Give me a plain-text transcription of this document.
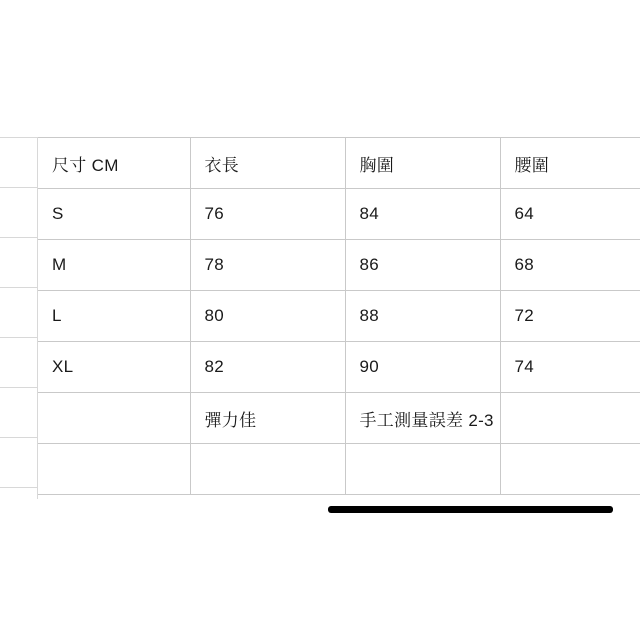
尺寸 CM	衣長	胸圍	腰圍
S	76	84	64
M	78	86	68
L	80	88	72
XL	82	90	74
	彈力佳	手工測量誤差 2-3	
